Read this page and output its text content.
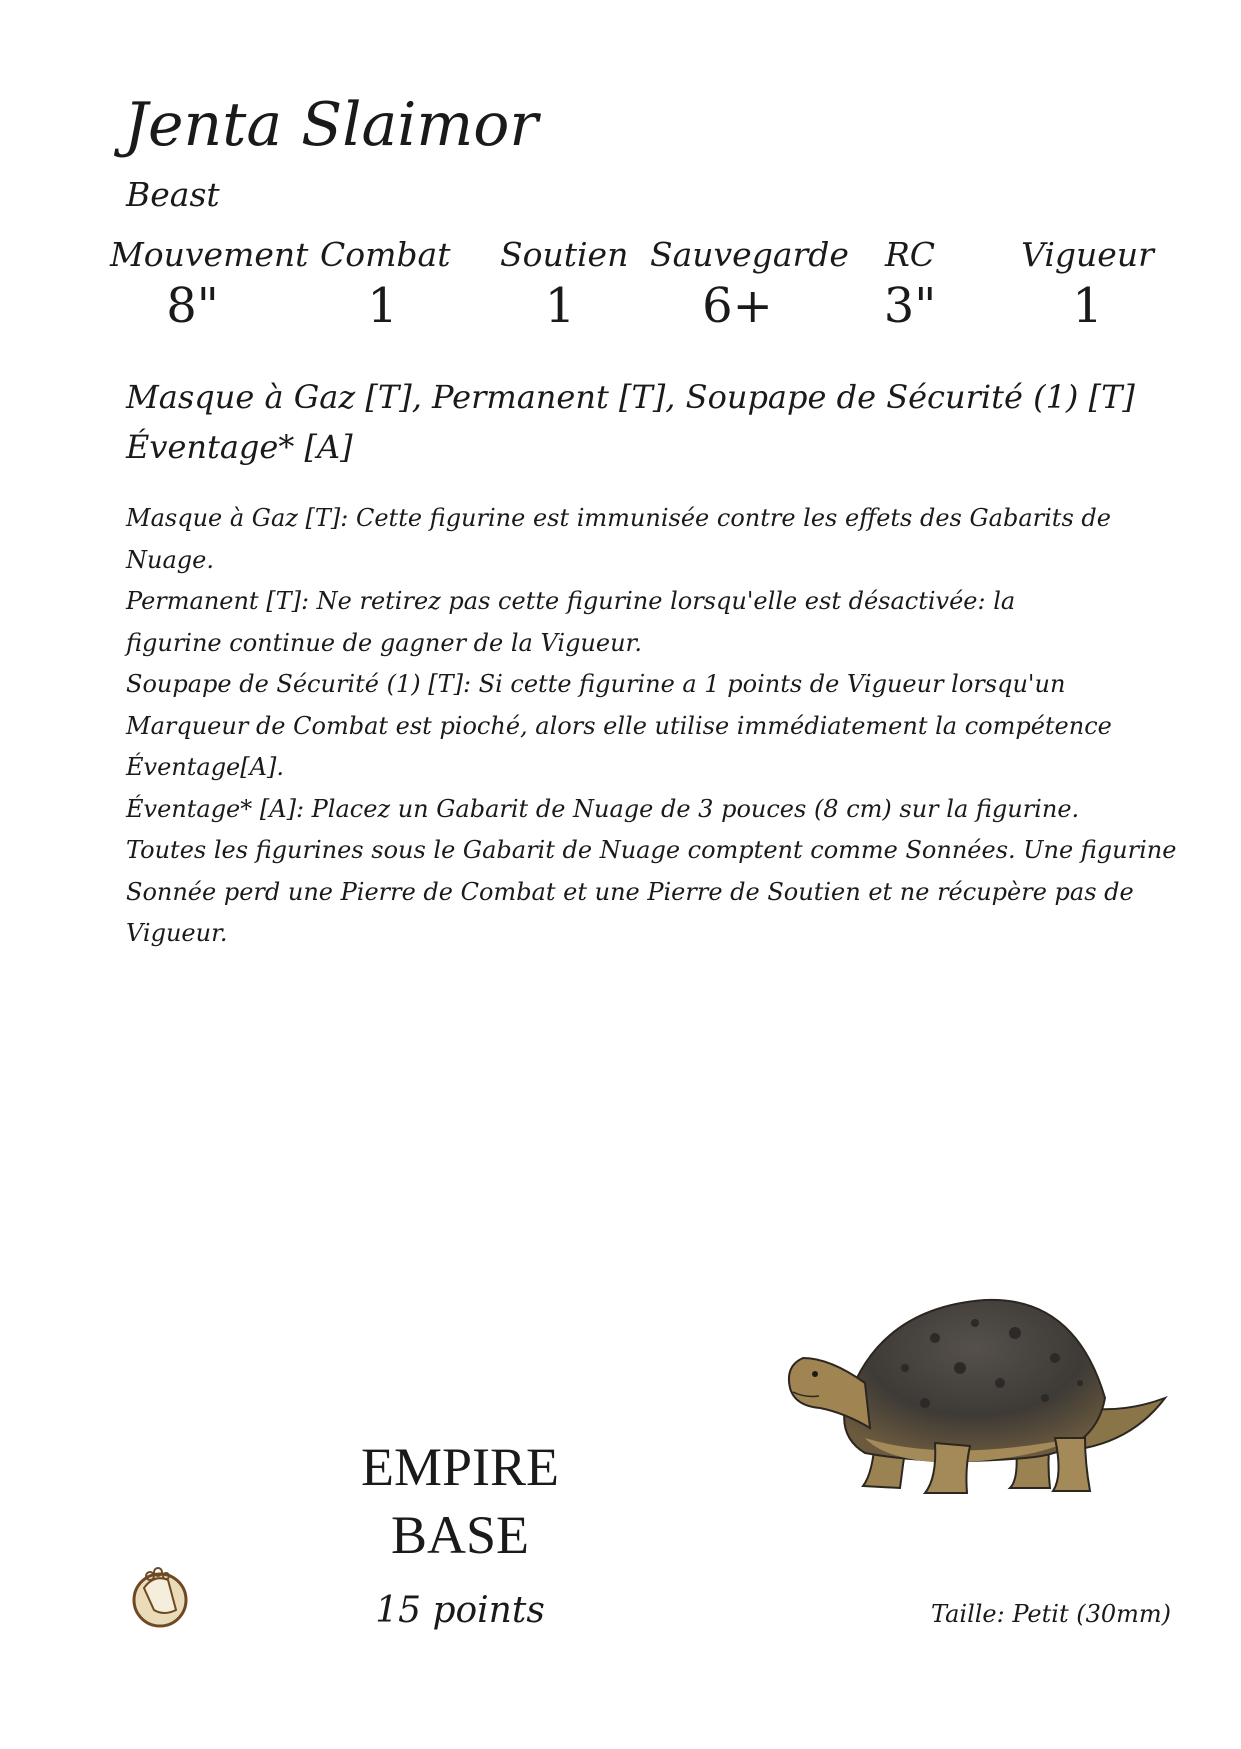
Jenta Slaimor
Beast
Mouvement
8"
Combat
1
Soutien
1
Sauvegarde
6+
RC
3"
Vigueur
1
Masque à Gaz [T], Permanent [T], Soupape de Sécurité (1) [T]
Éventage* [A]
Masque à Gaz [T]: Cette figurine est immunisée contre les effets des Gabarits de
Nuage.
Permanent [T]: Ne retirez pas cette figurine lorsqu'elle est désactivée: la
figurine continue de gagner de la Vigueur.
Soupape de Sécurité (1) [T]: Si cette figurine a 1 points de Vigueur lorsqu'un
Marqueur de Combat est pioché, alors elle utilise immédiatement la compétence
Éventage[A].
Éventage* [A]: Placez un Gabarit de Nuage de 3 pouces (8 cm) sur la figurine.
Toutes les figurines sous le Gabarit de Nuage comptent comme Sonnées. Une figurine
Sonnée perd une Pierre de Combat et une Pierre de Soutien et ne récupère pas de
Vigueur.
EMPIRE
BASE
15 points	Taille: Petit (30mm)
